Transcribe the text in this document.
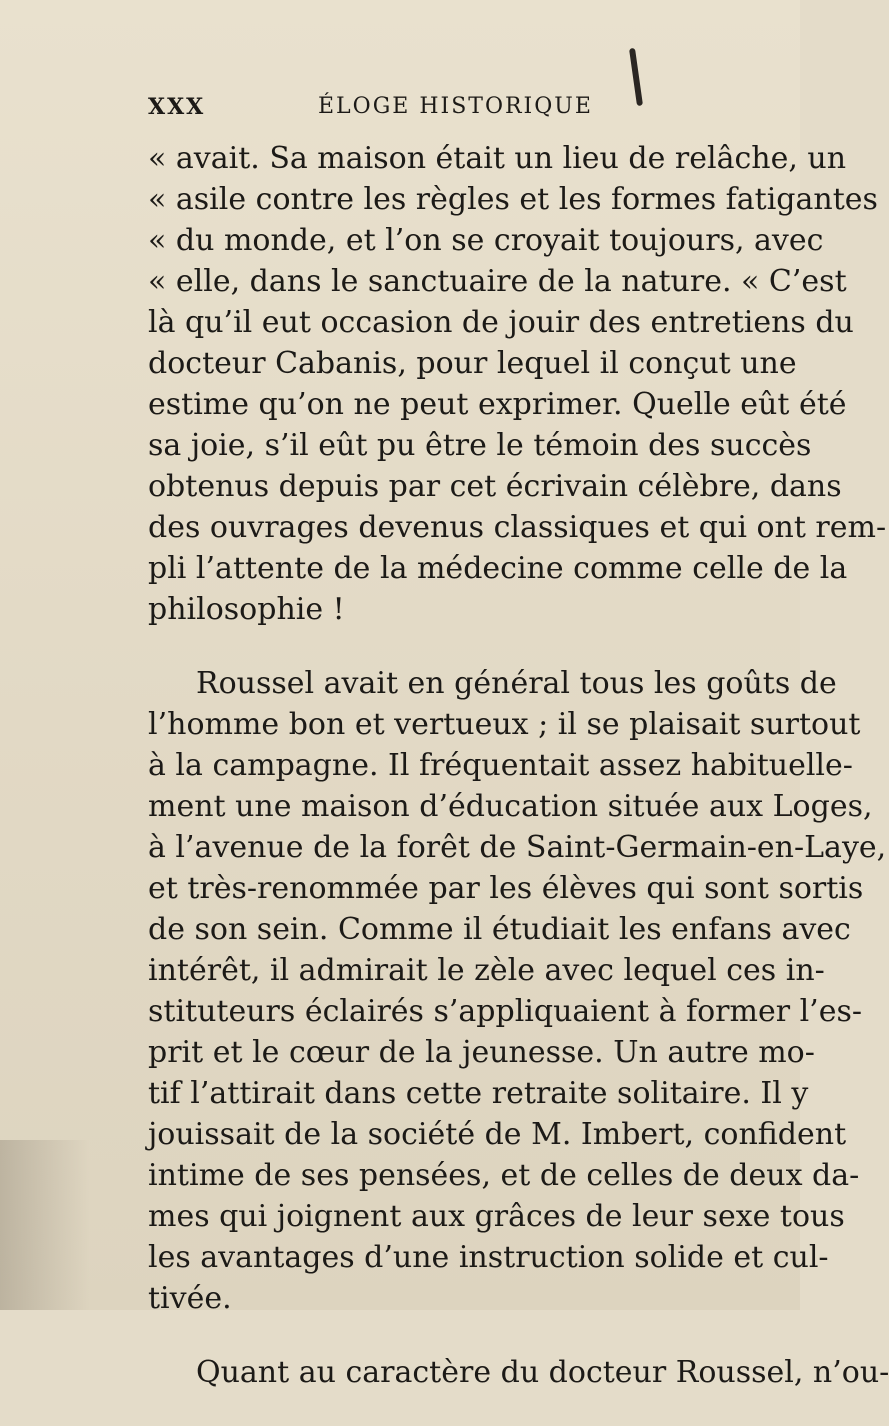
XXX	ÉLOGE HISTORIQUE
« avait. Sa maison était un lieu de relâche, un
« asile contre les règles et les formes fatigantes
« du monde, et l’on se croyait toujours, avec
« elle, dans le sanctuaire de la nature. « C’est
là qu’il eut occasion de jouir des entretiens du
docteur Cabanis, pour lequel il conçut une
estime qu’on ne peut exprimer. Quelle eût été
sa joie, s’il eût pu être le témoin des succès
obtenus depuis par cet écrivain célèbre, dans
des ouvrages devenus classiques et qui ont rem-
pli l’attente de la médecine comme celle de la
philosophie !
Roussel avait en général tous les goûts de
l’homme bon et vertueux ; il se plaisait surtout
à la campagne. Il fréquentait assez habituelle-
ment une maison d’éducation située aux Loges,
à l’avenue de la forêt de Saint-Germain-en-Laye,
et très-renommée par les élèves qui sont sortis
de son sein. Comme il étudiait les enfans avec
intérêt, il admirait le zèle avec lequel ces in-
stituteurs éclairés s’appliquaient à former l’es-
prit et le cœur de la jeunesse. Un autre mo-
tif l’attirait dans cette retraite solitaire. Il y
jouissait de la société de M. Imbert, confident
intime de ses pensées, et de celles de deux da-
mes qui joignent aux grâces de leur sexe tous
les avantages d’une instruction solide et cul-
tivée.
Quant au caractère du docteur Roussel, n’ou-
